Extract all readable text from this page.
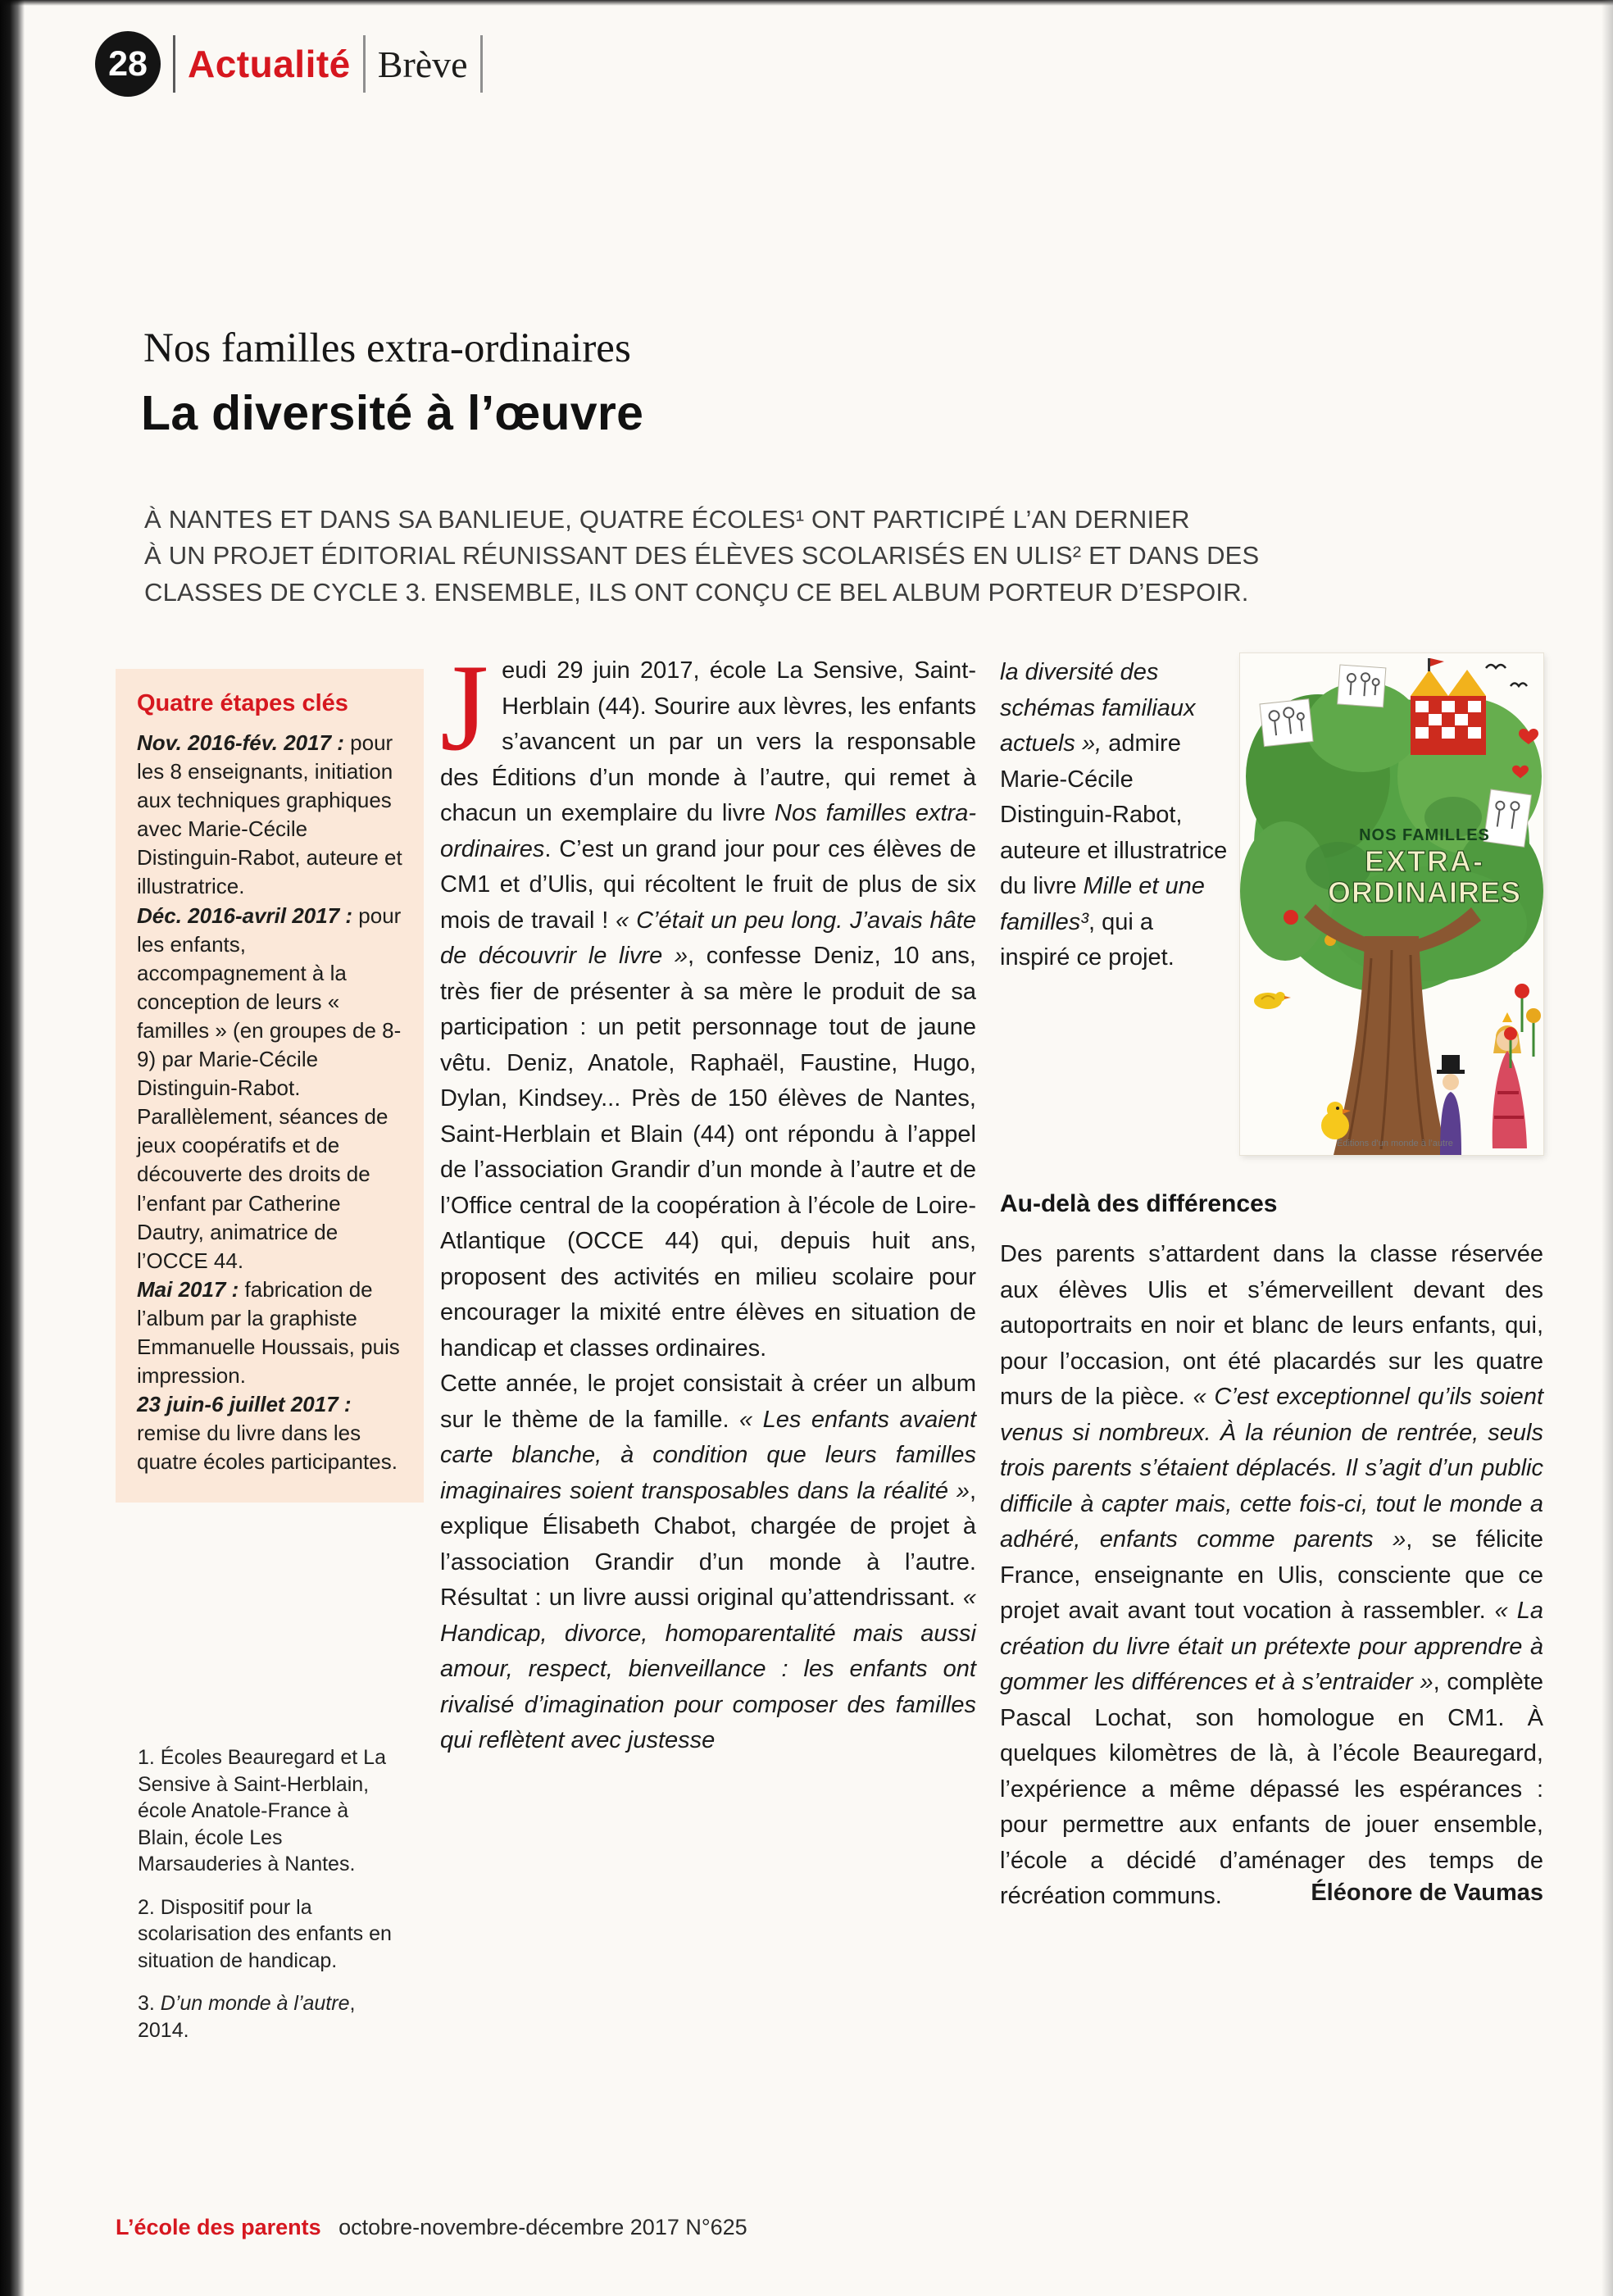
28	Actualité Brève
Nos familles extra-ordinaires
La diversité à l’œuvre
À NANTES ET DANS SA BANLIEUE, QUATRE ÉCOLES¹ ONT PARTICIPÉ L’AN DERNIER
À UN PROJET ÉDITORIAL RÉUNISSANT DES ÉLÈVES SCOLARISÉS EN ULIS² ET DANS DES
CLASSES DE CYCLE 3. ENSEMBLE, ILS ONT CONÇU CE BEL ALBUM PORTEUR D’ESPOIR.
Quatre étapes clés

Nov. 2016-fév. 2017 : pour les 8 enseignants, initiation aux techniques graphiques avec Marie-Cécile Distinguin-Rabot, auteure et illustratrice.

Déc. 2016-avril 2017 : pour les enfants, accompagnement à la conception de leurs « familles » (en groupes de 8-9) par Marie-Cécile Distinguin-Rabot. Parallèlement, séances de jeux coopératifs et de découverte des droits de l’enfant par Catherine Dautry, animatrice de l’OCCE 44.

Mai 2017 : fabrication de l’album par la graphiste Emmanuelle Houssais, puis impression.

23 juin-6 juillet 2017 : remise du livre dans les quatre écoles participantes.

1. Écoles Beauregard et La Sensive à Saint-Herblain, école Anatole-France à Blain, école Les Marsauderies à Nantes.

2. Dispositif pour la scolarisation des enfants en situation de handicap.

3. D’un monde à l’autre, 2014.

Jeudi 29 juin 2017, école La Sensive, Saint-Herblain (44). Sourire aux lèvres, les enfants s’avancent un par un vers la responsable des Éditions d’un monde à l’autre, qui remet à chacun un exemplaire du livre Nos familles extra-ordinaires. C’est un grand jour pour ces élèves de CM1 et d’Ulis, qui récoltent le fruit de plus de six mois de travail ! « C’était un peu long. J’avais hâte de découvrir le livre », confesse Deniz, 10 ans, très fier de présenter à sa mère le produit de sa participation : un petit personnage tout de jaune vêtu. Deniz, Anatole, Raphaël, Faustine, Hugo, Dylan, Kindsey... Près de 150 élèves de Nantes, Saint-Herblain et Blain (44) ont répondu à l’appel de l’association Grandir d’un monde à l’autre et de l’Office central de la coopération à l’école de Loire-Atlantique (OCCE 44) qui, depuis huit ans, proposent des activités en milieu scolaire pour encourager la mixité entre élèves en situation de handicap et classes ordinaires.

Cette année, le projet consistait à créer un album sur le thème de la famille. « Les enfants avaient carte blanche, à condition que leurs familles imaginaires soient transposables dans la réalité », explique Élisabeth Chabot, chargée de projet à l’association Grandir d’un monde à l’autre. Résultat : un livre aussi original qu’attendrissant. « Handicap, divorce, homoparentalité mais aussi amour, respect, bienveillance : les enfants ont rivalisé d’imagination pour composer des familles qui reflètent avec justesse

la diversité des schémas familiaux actuels », admire Marie-Cécile Distinguin-Rabot, auteure et illustratrice du livre Mille et une familles³, qui a inspiré ce projet.

NOS FAMILLES
EXTRA-
ORDINAIRES
Éditions d’un monde à l’autre
Au-delà des différences

Des parents s’attardent dans la classe réservée aux élèves Ulis et s’émerveillent devant des autoportraits en noir et blanc de leurs enfants, qui, pour l’occasion, ont été placardés sur les quatre murs de la pièce. « C’est exceptionnel qu’ils soient venus si nombreux. À la réunion de rentrée, seuls trois parents s’étaient déplacés. Il s’agit d’un public difficile à capter mais, cette fois-ci, tout le monde a adhéré, enfants comme parents », se félicite France, enseignante en Ulis, consciente que ce projet avait avant tout vocation à rassembler. « La création du livre était un prétexte pour apprendre à gommer les différences et à s’entraider », complète Pascal Lochat, son homologue en CM1. À quelques kilomètres de là, à l’école Beauregard, l’expérience a même dépassé les espérances : pour permettre aux enfants de jouer ensemble, l’école a décidé d’aménager des temps de récréation communs.	Éléonore de Vaumas
L’école des parents octobre-novembre-décembre 2017 N°625
